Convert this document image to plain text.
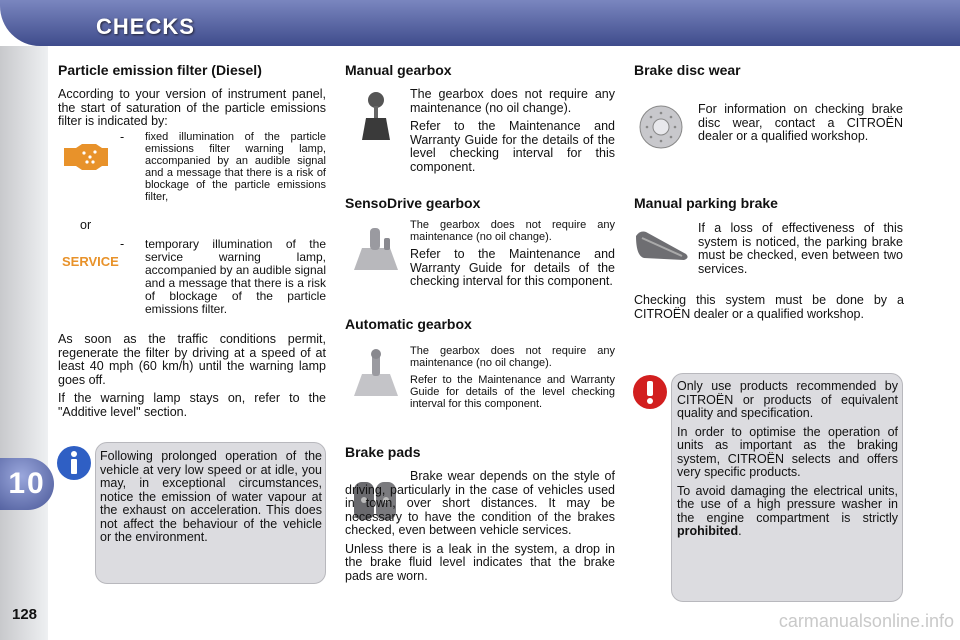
CHECKS
10
128
Particle emission filter (Diesel)
According to your version of instrument panel, the start of saturation of the particle emissions filter is indicated by:
- fixed illumination of the particle emissions filter warning lamp, accompanied by an audible signal and a message that there is a risk of blockage of the particle emissions filter,
or
SERVICE
- temporary illumination of the service warning lamp, accompanied by an audible signal and a message that there is a risk of blockage of the particle emissions filter.
As soon as the traffic conditions permit, regenerate the filter by driving at a speed of at least 40 mph (60 km/h) until the warning lamp goes off.
If the warning lamp stays on, refer to the "Additive level" section.
Following prolonged operation of the vehicle at very low speed or at idle, you may, in exceptional circumstances, notice the emission of water vapour at the exhaust on acceleration. This does not affect the behaviour of the vehicle or the environment.
Manual gearbox
The gearbox does not require any maintenance (no oil change).
Refer to the Maintenance and Warranty Guide for the details of the level checking interval for this component.
SensoDrive gearbox
The gearbox does not require any maintenance (no oil change).
Refer to the Maintenance and Warranty Guide for details of the checking interval for this component.
Automatic gearbox
The gearbox does not require any maintenance (no oil change).
Refer to the Maintenance and Warranty Guide for details of the level checking interval for this component.
Brake pads
Brake wear depends on the style of driving, particularly in the case of vehicles used in town, over short distances. It may be necessary to have the condition of the brakes checked, even between vehicle services.
Unless there is a leak in the system, a drop in the brake fluid level indicates that the brake pads are worn.
Brake disc wear
For information on checking brake disc wear, contact a CITROËN dealer or a qualified workshop.
Manual parking brake
If a loss of effectiveness of this system is noticed, the parking brake must be checked, even between two services.
Checking this system must be done by a CITROËN dealer or a qualified workshop.
Only use products recommended by CITROËN or products of equivalent quality and specification.
In order to optimise the operation of units as important as the braking system, CITROËN selects and offers very specific products.
To avoid damaging the electrical units, the use of a high pressure washer in the engine compartment is strictly prohibited.
carmanualsonline.info
